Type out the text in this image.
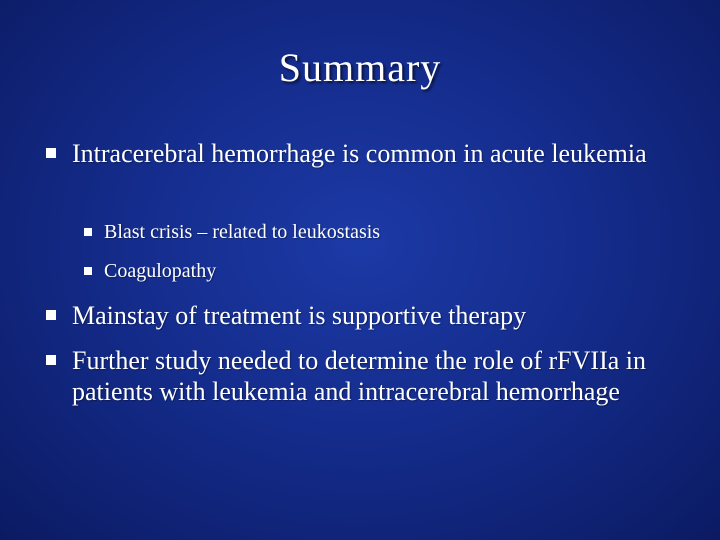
Summary
Intracerebral hemorrhage is common in acute leukemia
Blast crisis – related to leukostasis
Coagulopathy
Mainstay of treatment is supportive therapy
Further study needed to determine the role of rFVIIa in patients with leukemia and intracerebral hemorrhage
